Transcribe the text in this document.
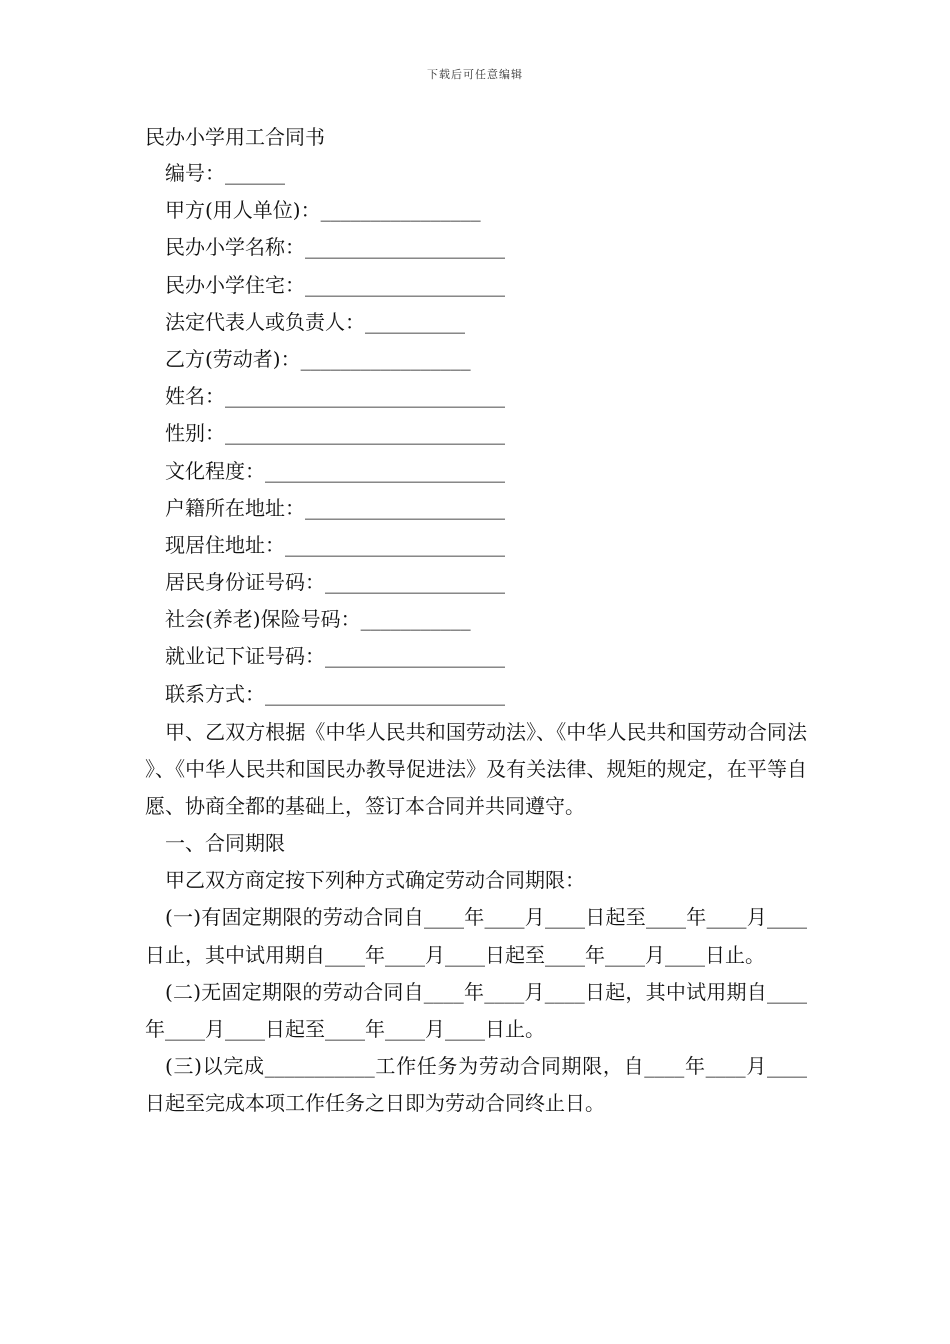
下载后可任意编辑
民办小学用工合同书
编号：______
甲方(用人单位)：________________
民办小学名称：____________________
民办小学住宅：____________________
法定代表人或负责人：__________
乙方(劳动者)：_________________
姓名：____________________________
性别：____________________________
文化程度：________________________
户籍所在地址：____________________
现居住地址：______________________
居民身份证号码：__________________
社会(养老)保险号码：___________
就业记下证号码：__________________
联系方式：________________________

甲、乙双方根据《中华人民共和国劳动法》、《中华人民共和国劳动合同法》、《中华人民共和国民办教导促进法》及有关法律、规矩的规定，在平等自愿、协商全都的基础上，签订本合同并共同遵守。

一、合同期限

甲乙双方商定按下列种方式确定劳动合同期限：

(一)有固定期限的劳动合同自____年____月____日起至____年____月____日止，其中试用期自____年____月____日起至____年____月____日止。

(二)无固定期限的劳动合同自____年____月____日起，其中试用期自____年____月____日起至____年____月____日止。

(三)以完成___________工作任务为劳动合同期限，自____年____月____日起至完成本项工作任务之日即为劳动合同终止日。
